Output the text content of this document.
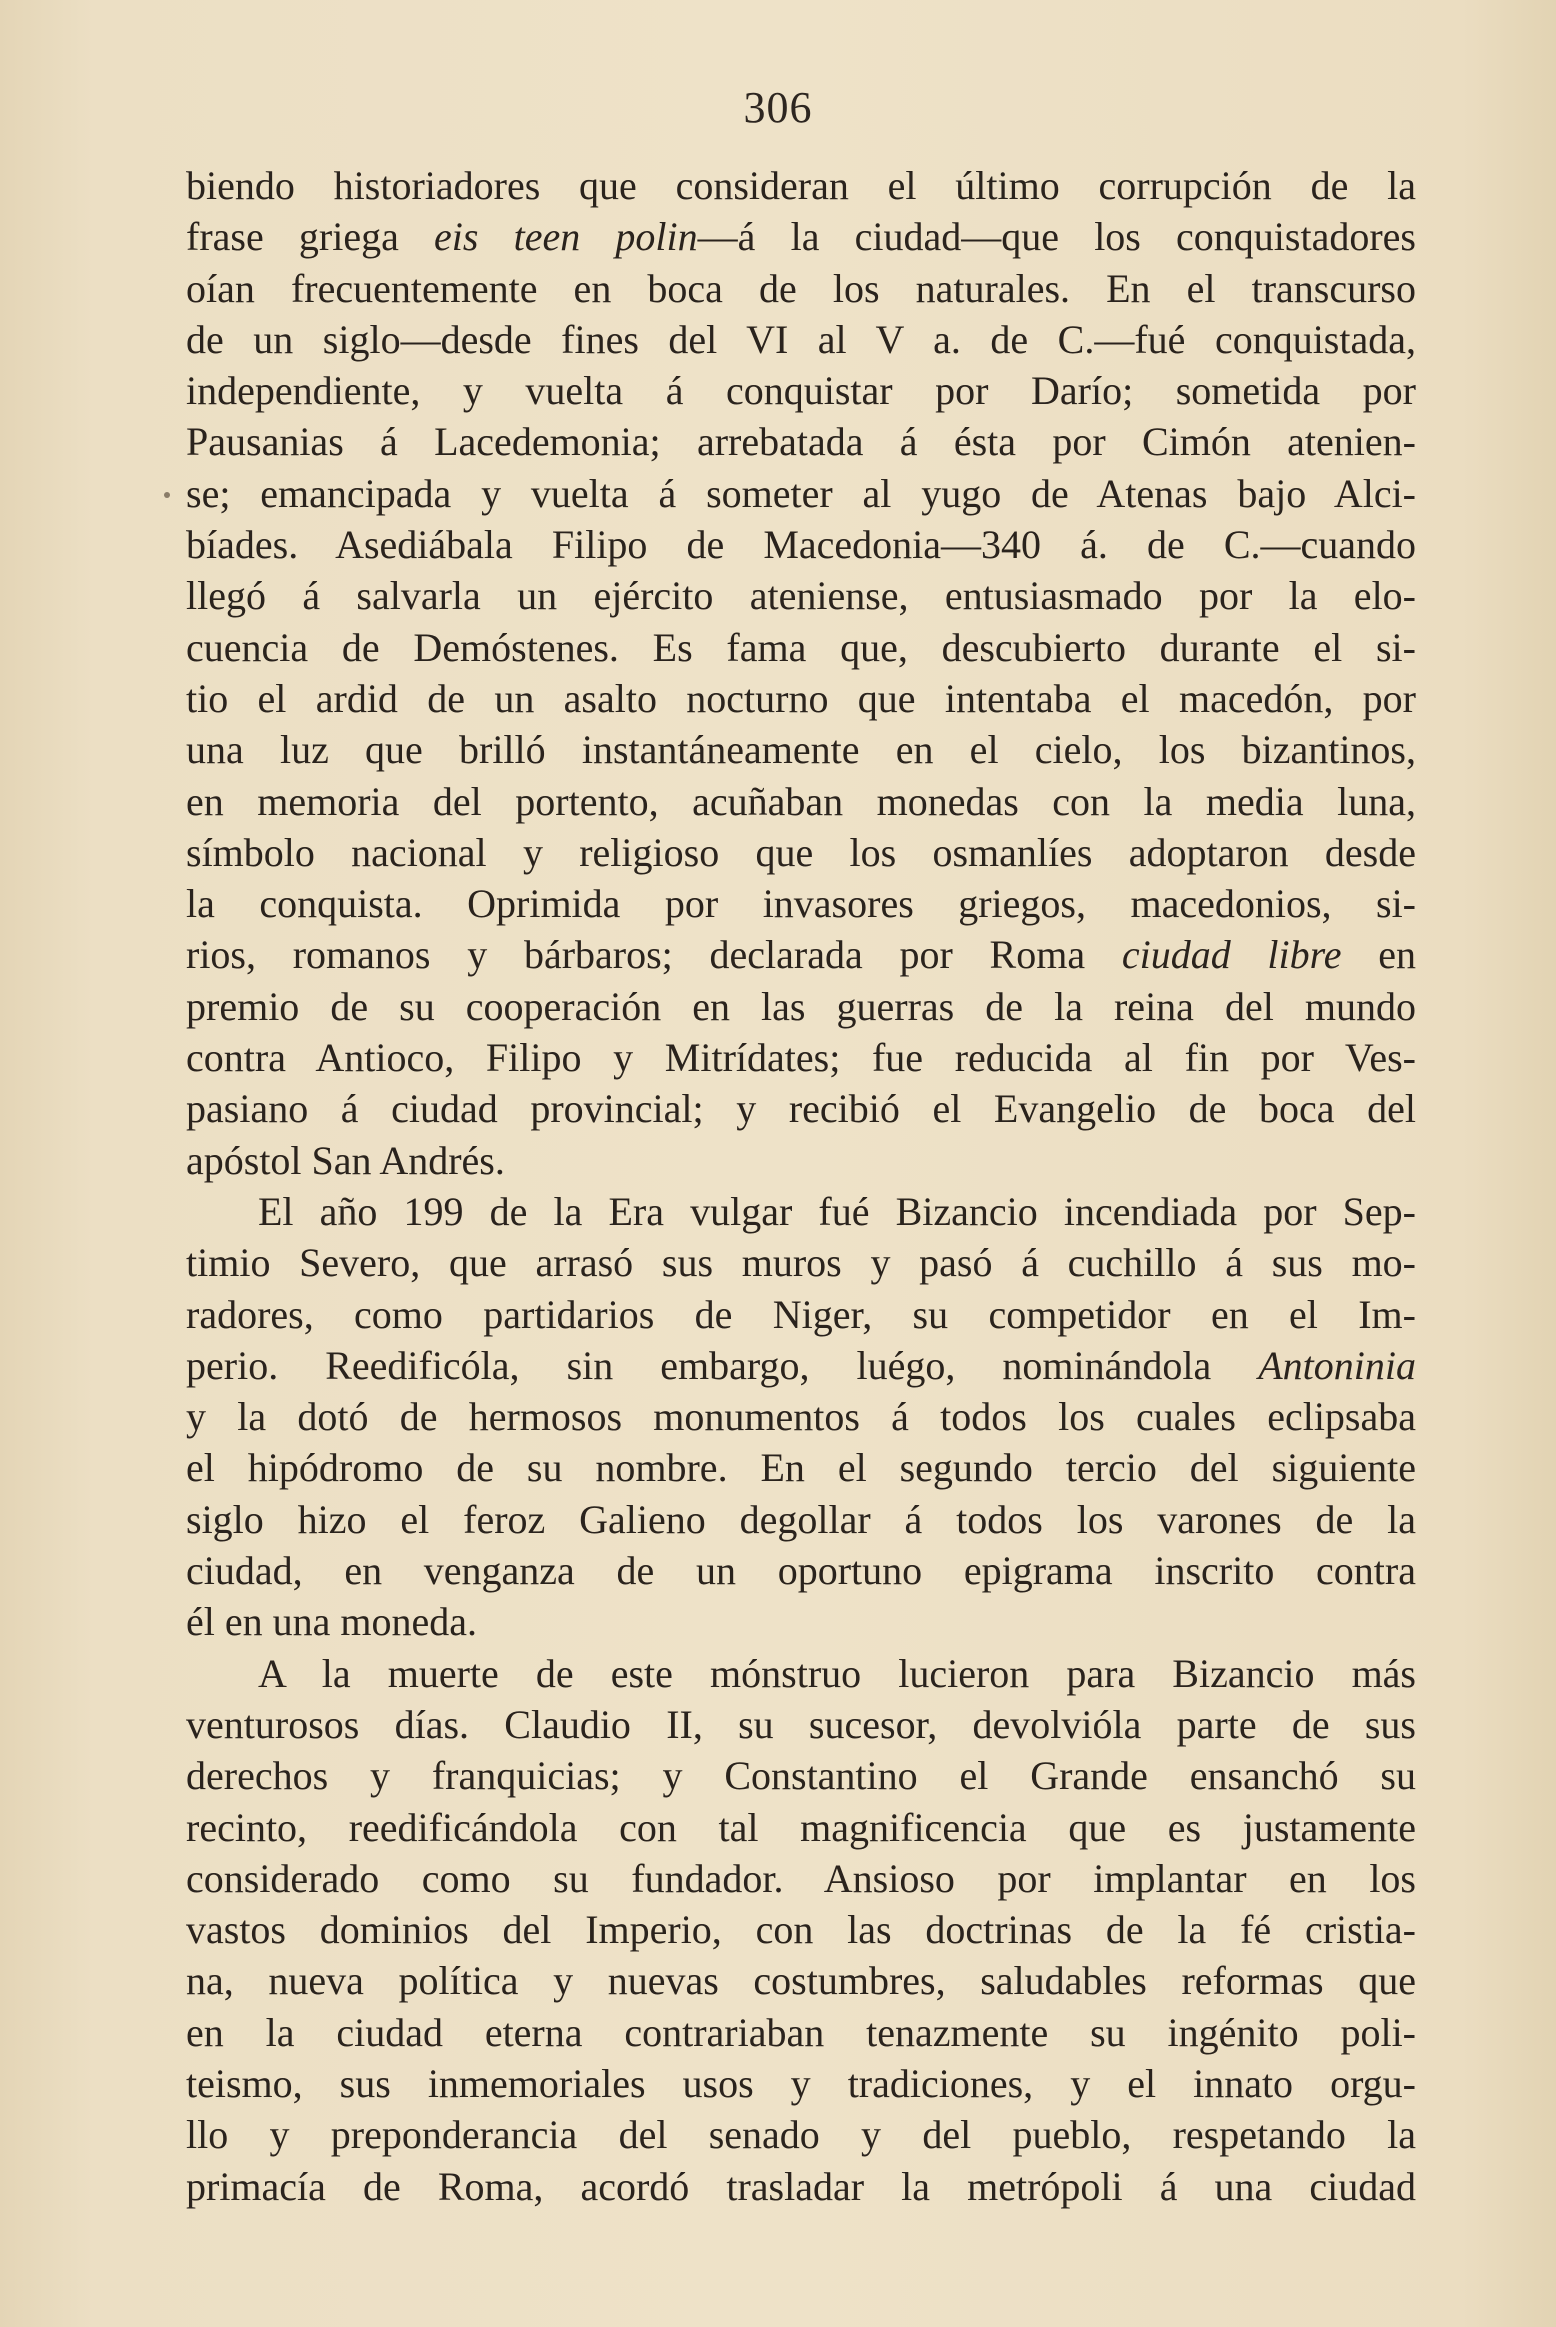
306
biendo historiadores que consideran el último corrupción de la
frase griega eis teen polin—á la ciudad—que los conquistadores
oían frecuentemente en boca de los naturales. En el transcurso
de un siglo—desde fines del VI al V a. de C.—fué conquistada,
independiente, y vuelta á conquistar por Darío; sometida por
Pausanias á Lacedemonia; arrebatada á ésta por Cimón atenien-
se; emancipada y vuelta á someter al yugo de Atenas bajo Alci-
bíades. Asediábala Filipo de Macedonia—340 á. de C.—cuando
llegó á salvarla un ejército ateniense, entusiasmado por la elo-
cuencia de Demóstenes. Es fama que, descubierto durante el si-
tio el ardid de un asalto nocturno que intentaba el macedón, por
una luz que brilló instantáneamente en el cielo, los bizantinos,
en memoria del portento, acuñaban monedas con la media luna,
símbolo nacional y religioso que los osmanlíes adoptaron desde
la conquista. Oprimida por invasores griegos, macedonios, si-
rios, romanos y bárbaros; declarada por Roma ciudad libre en
premio de su cooperación en las guerras de la reina del mundo
contra Antioco, Filipo y Mitrídates; fue reducida al fin por Ves-
pasiano á ciudad provincial; y recibió el Evangelio de boca del
apóstol San Andrés.
El año 199 de la Era vulgar fué Bizancio incendiada por Sep-
timio Severo, que arrasó sus muros y pasó á cuchillo á sus mo-
radores, como partidarios de Niger, su competidor en el Im-
perio. Reedificóla, sin embargo, luégo, nominándola Antoninia
y la dotó de hermosos monumentos á todos los cuales eclipsaba
el hipódromo de su nombre. En el segundo tercio del siguiente
siglo hizo el feroz Galieno degollar á todos los varones de la
ciudad, en venganza de un oportuno epigrama inscrito contra
él en una moneda.
A la muerte de este mónstruo lucieron para Bizancio más
venturosos días. Claudio II, su sucesor, devolvióla parte de sus
derechos y franquicias; y Constantino el Grande ensanchó su
recinto, reedificándola con tal magnificencia que es justamente
considerado como su fundador. Ansioso por implantar en los
vastos dominios del Imperio, con las doctrinas de la fé cristia-
na, nueva política y nuevas costumbres, saludables reformas que
en la ciudad eterna contrariaban tenazmente su ingénito poli-
teismo, sus inmemoriales usos y tradiciones, y el innato orgu-
llo y preponderancia del senado y del pueblo, respetando la
primacía de Roma, acordó trasladar la metrópoli á una ciudad
